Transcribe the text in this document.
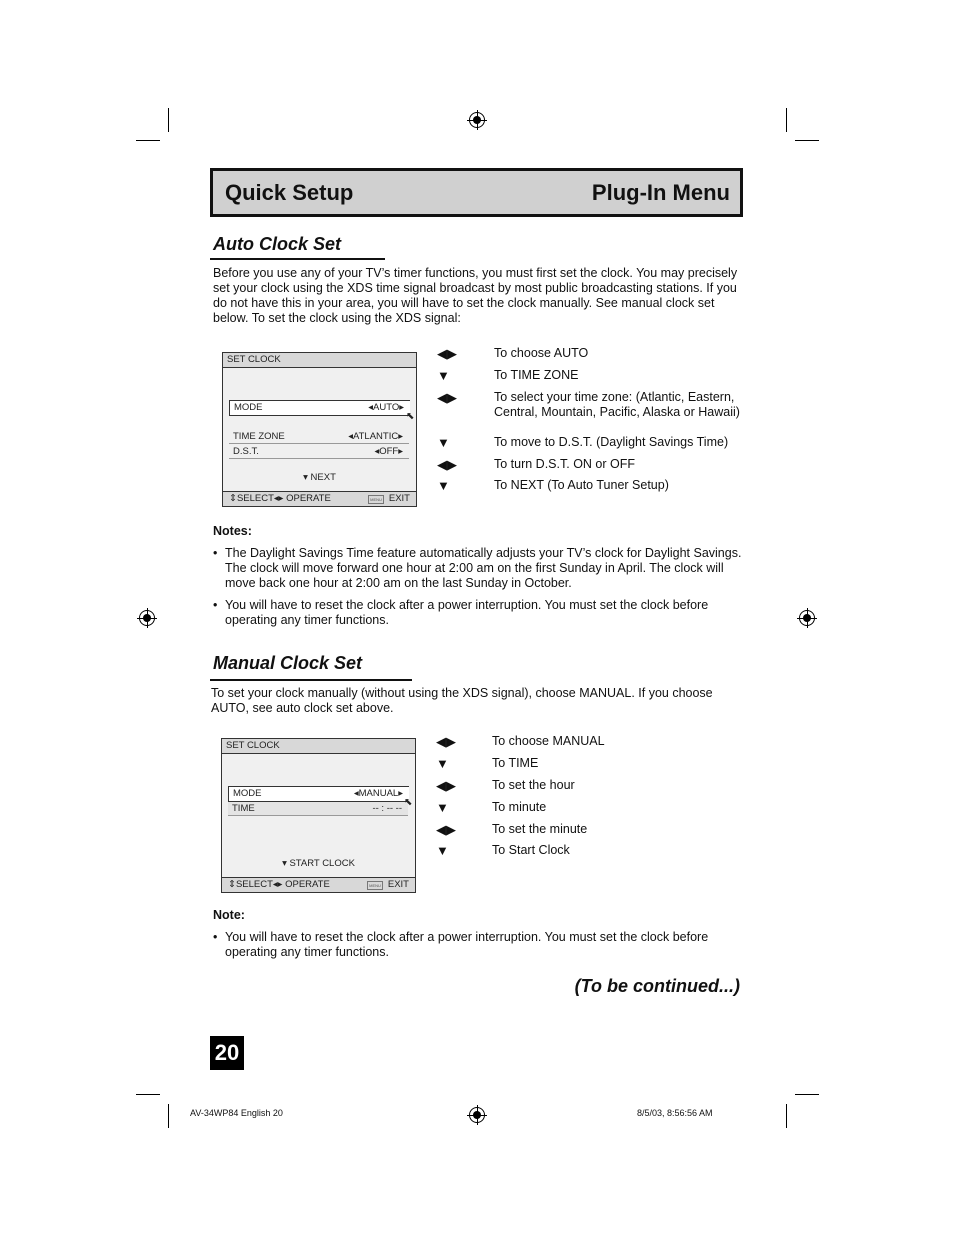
Quick Setup	Plug-In Menu
Auto Clock Set
Before you use any of your TV’s timer functions, you must first set the clock. You may precisely set your clock using the XDS time signal broadcast by most public broadcasting stations. If you do not have this in your area, you will have to set the clock manually. See manual clock set below. To set the clock using the XDS signal:
SET CLOCK
MODE	◂AUTO▸
⬉
TIME ZONE	◂ATLANTIC▸
D.S.T.	◂OFF▸
▾ NEXT
⇕SELECT◂▸ OPERATE	MENU EXIT
◀▶	To choose AUTO
▼	To TIME ZONE
◀▶	To select your time zone: (Atlantic, Eastern, Central, Mountain, Pacific, Alaska or Hawaii)
▼	To move to D.S.T. (Daylight Savings Time)
◀▶	To turn D.S.T. ON or OFF
▼	To NEXT (To Auto Tuner Setup)
Notes:
• The Daylight Savings Time feature automatically adjusts your TV’s clock for Daylight Savings. The clock will move forward one hour at 2:00 am on the first Sunday in April. The clock will move back one hour at 2:00 am on the last Sunday in October.
• You will have to reset the clock after a power interruption. You must set the clock before operating any timer functions.
Manual Clock Set
To set your clock manually (without using the XDS signal), choose MANUAL. If you choose AUTO, see auto clock set above.
SET CLOCK
MODE	◂MANUAL▸
TIME	-- : -- --
⬉
▾ START CLOCK
⇕SELECT◂▸ OPERATE	MENU EXIT
◀▶	To choose MANUAL
▼	To TIME
◀▶	To set the hour
▼	To minute
◀▶	To set the minute
▼	To Start Clock
Note:
• You will have to reset the clock after a power interruption. You must set the clock before operating any timer functions.
(To be continued...)
20
AV-34WP84 English 20	8/5/03, 8:56:56 AM
